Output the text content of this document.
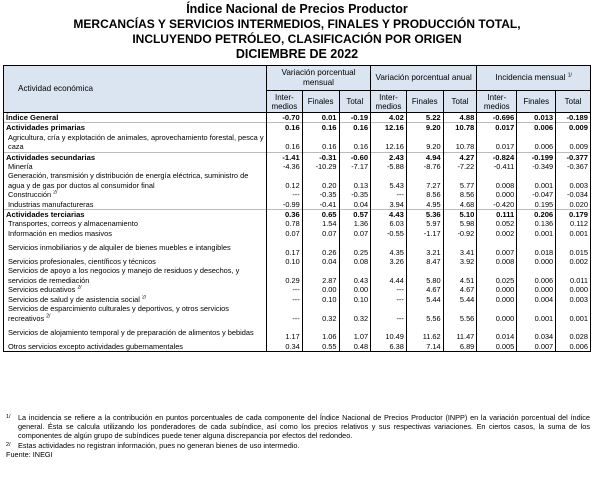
Índice Nacional de Precios Productor
MERCANCÍAS Y SERVICIOS INTERMEDIOS, FINALES Y PRODUCCIÓN TOTAL,
INCLUYENDO PETRÓLEO, CLASIFICACIÓN POR ORIGEN
DICIEMBRE DE 2022
Actividad económica	Variación porcentual mensual			Variación porcentual anual			Incidencia mensual $^{1/}$
	Inter-medios	Finales	Total	Inter-medios	Finales	Total	Inter-medios	Finales	Total
Índice General	-0.70	0.01	-0.19	4.02	5.22	4.88	-0.696	0.013	-0.189
Actividades primarias	0.16	0.16	0.16	12.16	9.20	10.78	0.017	0.006	0.009
Agricultura, cría y explotación de animales, aprovechamiento forestal, pesca y caza	0.16	0.16	0.16	12.16	9.20	10.78	0.017	0.006	0.009
Actividades secundarias	-1.41	-0.31	-0.60	2.43	4.94	4.27	-0.824	-0.199	-0.377
Minería	-4.36	-10.29	-7.17	-5.88	-8.76	-7.22	-0.411	-0.349	-0.367
Generación, transmisión y distribución de energía eléctrica, suministro de agua y de gas por ductos al consumidor final	0.12	0.20	0.13	5.43	7.27	5.77	0.008	0.001	0.003
Construcción $^{2/}$	---	-0.35	-0.35	---	8.56	8.56	0.000	-0.047	-0.034
Industrias manufactureras	-0.99	-0.41	0.04	3.94	4.95	4.68	-0.420	0.195	0.020
Actividades terciarias	0.36	0.65	0.57	4.43	5.36	5.10	0.111	0.206	0.179
Transportes, correos y almacenamiento	0.78	1.54	1.36	6.03	5.97	5.98	0.052	0.136	0.112
Información en medios masivos	0.07	0.07	0.07	-0.55	-1.17	-0.92	0.002	0.001	0.001
Servicios inmobiliarios y de alquiler de bienes muebles e intangibles	0.17	0.26	0.25	4.35	3.21	3.41	0.007	0.018	0.015
Servicios profesionales, científicos y técnicos	0.10	0.04	0.08	3.26	8.47	3.92	0.008	0.000	0.002
Servicios de apoyo a los negocios y manejo de residuos y desechos, y servicios de remediación	0.29	2.87	0.43	4.44	5.80	4.51	0.025	0.006	0.011
Servicios educativos $^{2/}$	---	0.00	0.00	---	4.67	4.67	0.000	0.000	0.000
Servicios de salud y de asistencia social $^{2/}$	---	0.10	0.10	---	5.44	5.44	0.000	0.004	0.003
Servicios de esparcimiento culturales y deportivos, y otros servicios recreativos $^{2/}$	---	0.32	0.32	---	5.56	5.56	0.000	0.001	0.001
Servicios de alojamiento temporal y de preparación de alimentos y bebidas	1.17	1.06	1.07	10.49	11.62	11.47	0.014	0.034	0.028
Otros servicios excepto actividades gubernamentales	0.34	0.55	0.48	6.38	7.14	6.89	0.005	0.007	0.006
1/	La incidencia se refiere a la contribución en puntos porcentuales de cada componente del Índice Nacional de Precios Productor (INPP) en la variación porcentual del índice general. Ésta se calcula utilizando los ponderadores de cada subíndice, así como los precios relativos y sus respectivas variaciones. En ciertos casos, la suma de los componentes de algún grupo de subíndices puede tener alguna discrepancia por efectos del redondeo.
2/	Estas actividades no registran información, pues no generan bienes de uso intermedio.
Fuente: INEGI
